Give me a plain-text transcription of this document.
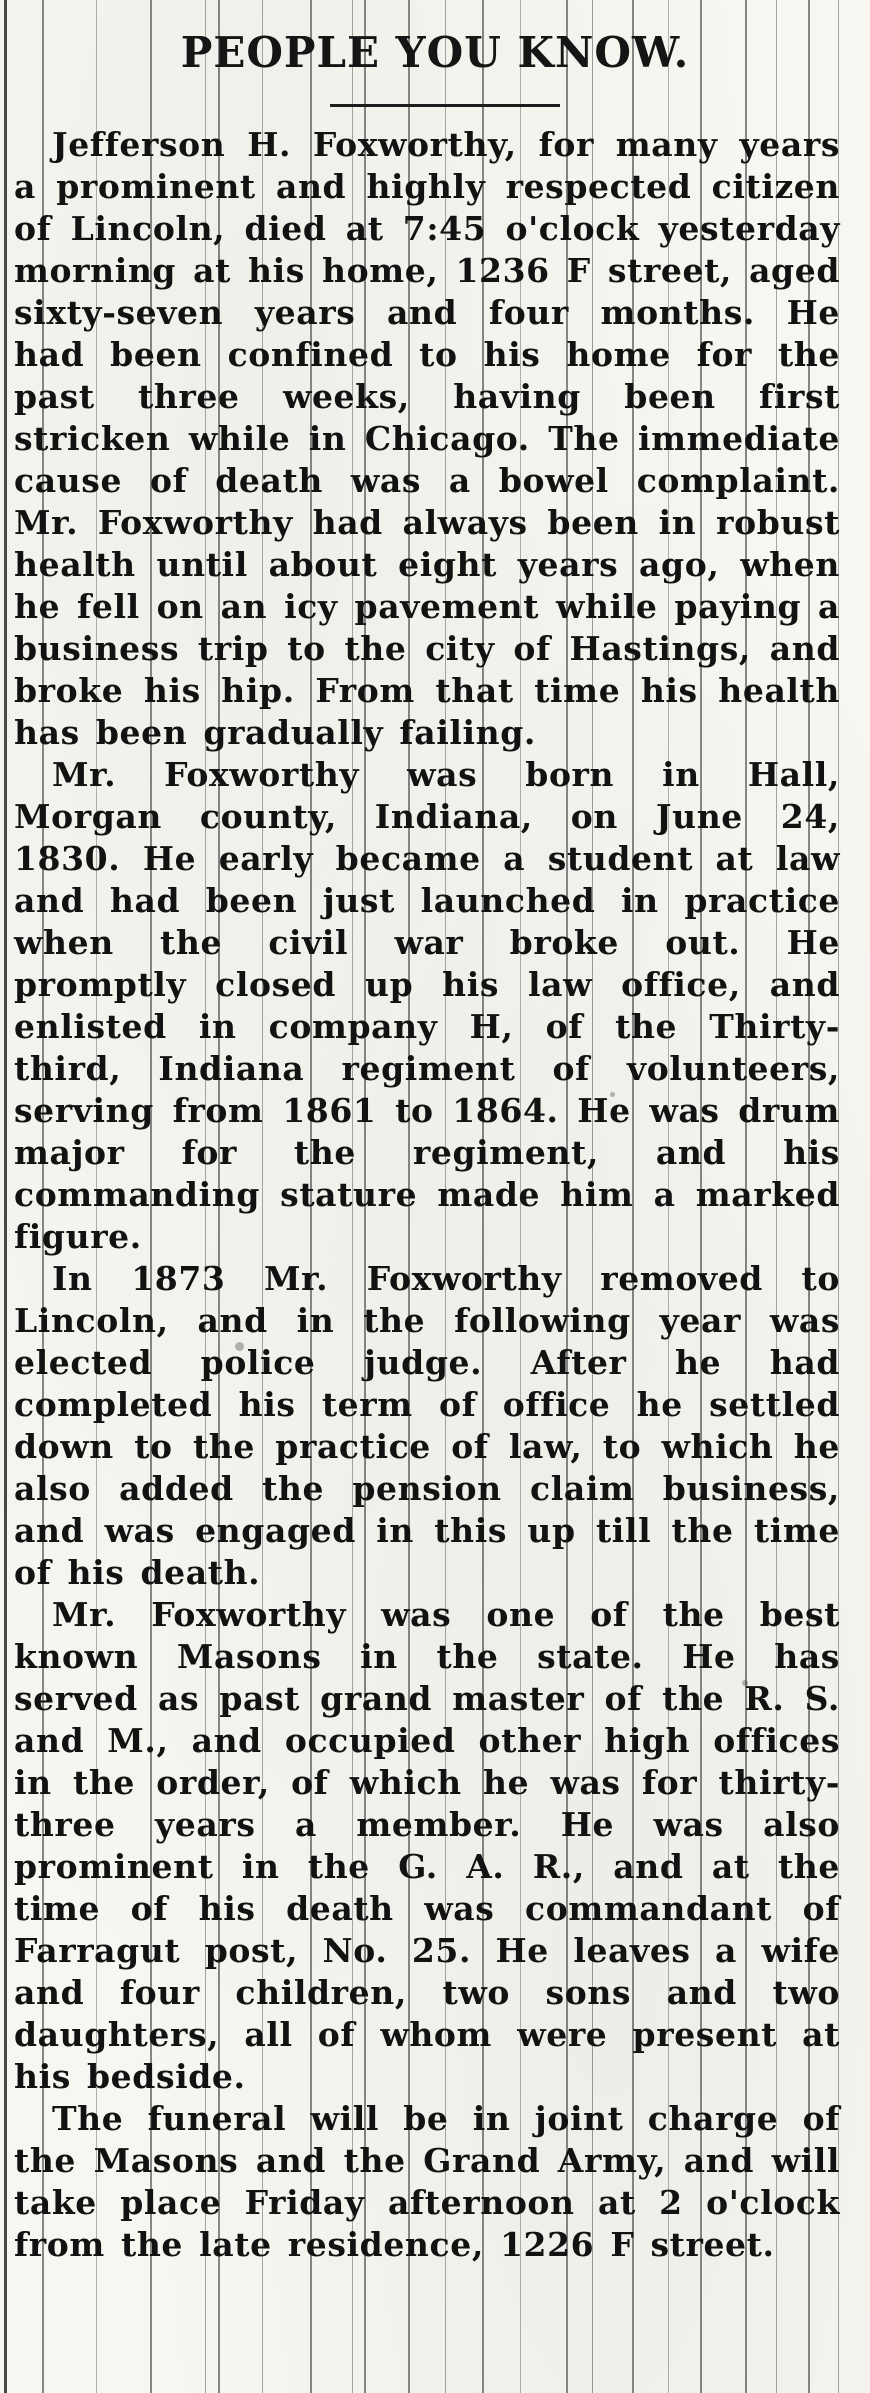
PEOPLE YOU KNOW.

Jefferson H. Foxworthy, for many years a prominent and highly respected citizen of Lincoln, died at 7:45 o'clock yesterday morning at his home, 1236 F street, aged sixty-seven years and four months. He had been confined to his home for the past three weeks, having been first stricken while in Chicago. The immediate cause of death was a bowel complaint. Mr. Foxworthy had always been in robust health until about eight years ago, when he fell on an icy pavement while paying a business trip to the city of Hastings, and broke his hip. From that time his health has been gradually failing.

Mr. Foxworthy was born in Hall, Morgan county, Indiana, on June 24, 1830. He early became a student at law and had been just launched in practice when the civil war broke out. He promptly closed up his law office, and enlisted in company H, of the Thirty-third, Indiana regiment of volunteers, serving from 1861 to 1864. He was drum major for the regiment, and his commanding stature made him a marked figure.

In 1873 Mr. Foxworthy removed to Lincoln, and in the following year was elected police judge. After he had completed his term of office he settled down to the practice of law, to which he also added the pension claim business, and was engaged in this up till the time of his death.

Mr. Foxworthy was one of the best known Masons in the state. He has served as past grand master of the R. S. and M., and occupied other high offices in the order, of which he was for thirty-three years a member. He was also prominent in the G. A. R., and at the time of his death was commandant of Farragut post, No. 25. He leaves a wife and four children, two sons and two daughters, all of whom were present at his bedside.

The funeral will be in joint charge of the Masons and the Grand Army, and will take place Friday afternoon at 2 o'clock from the late residence, 1226 F street.
